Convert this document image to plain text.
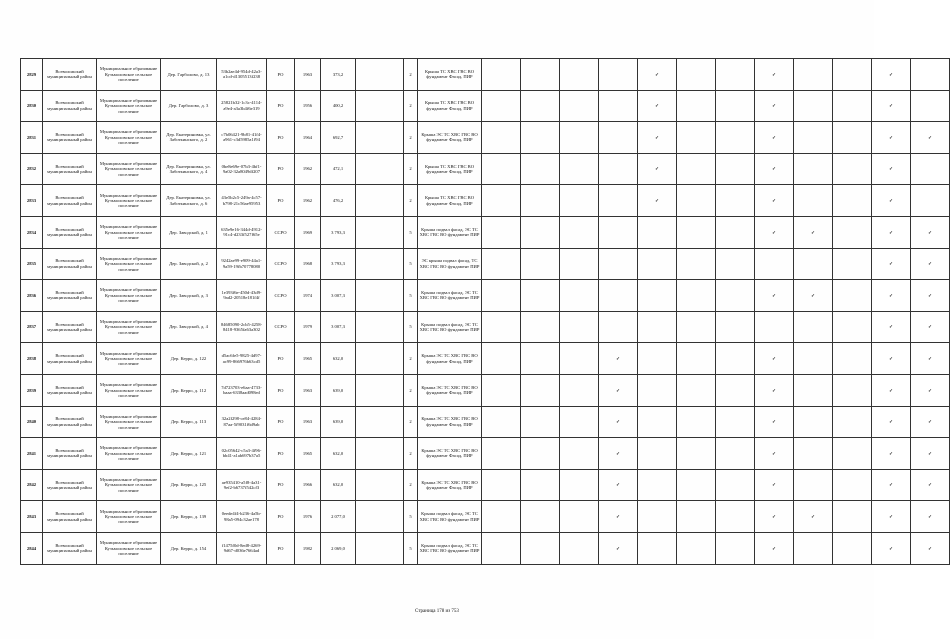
2829	Всеволожский муниципальный район	Муниципальное образование Кузьмоловское сельское поселение	Дер. Гарболово, д. 13	53b2ae4d-954d-42a3-a1cd-d1305513f238	РО	1963	373,2		2	Крыша ТС ХВС ГВС ВО фундамент Фасад, ПИР					✓			✓			✓	
2830	Всеволожский муниципальный район	Муниципальное образование Кузьмоловское сельское поселение	Дер. Гарболово, д. 3	25821b32-1c3c-4114-a9e4-a3a3b4f6e319	РО	1956	400,2		2	Крыша ТС ХВС ГВС ВО фундамент Фасад, ПИР					✓			✓			✓	
2831	Всеволожский муниципальный район	Муниципальное образование Кузьмоловское сельское поселение	Дер. Екатериновка, ул. Заботкинского, д. 2	c7b06421-9b81-41f4-a961-c3d5985a1f94	РО	1964	692,7		2	Крыша ЭС ТС ХВС ГВС ВО фундамент Фасад, ПИР					✓			✓			✓	✓
2832	Всеволожский муниципальный район	Муниципальное образование Кузьмоловское сельское поселение	Дер. Екатериновка, ул. Заботкинского, д. 4	0be8e69e-07b3-4bf1-9a02-32a8049df207	РО	1962	472,1		2	Крыша ТС ХВС ГВС ВО фундамент Фасад, ПИР					✓			✓			✓	
2833	Всеволожский муниципальный район	Муниципальное образование Кузьмоловское сельское поселение	Дер. Екатериновка, ул. Заботкинского, д. 6	43e5b2c5-249a-4c57-b798-21c56ae95953	РО	1962	476,2		2	Крыша ТС ХВС ГВС ВО фундамент Фасад, ПИР					✓			✓			✓	
2834	Всеволожский муниципальный район	Муниципальное образование Кузьмоловское сельское поселение	Дер. Заводской, д. 1	635e9e16-344d-4912-91c4-d233f527f65e	ССРО	1969	3 793,3		5	Крыша подвал фасад, ЭС ТС ХВС ГВС ВО фундамент ПИР								✓	✓		✓	✓
2835	Всеволожский муниципальный район	Муниципальное образование Кузьмоловское сельское поселение	Дер. Заводской, д. 2	9242ae99-e909-44a1-9a59-19fb70778080	ССРО	1968	3 793,3		5	ЭС крыша подвал фасад, ТС ХВС ГВС ВО фундамент ПИР											✓	✓
2836	Всеволожский муниципальный район	Муниципальное образование Кузьмоловское сельское поселение	Дер. Заводской, д. 3	1e393f6e-450d-43d9-9ad2-20518e181f4f	ССРО	1974	3 007,3		5	Крыша подвал фасад, ЭС ТС ХВС ГВС ВО фундамент ПИР								✓	✓		✓	✓
2837	Всеволожский муниципальный район	Муниципальное образование Кузьмоловское сельское поселение	Дер. Заводской, д. 4	84685090-2cb5-4258-8418-9365fa63a302	ССРО	1979	3 007,3		5	Крыша подвал фасад, ЭС ТС ХВС ГВС ВО фундамент ПИР											✓	✓
2838	Всеволожский муниципальный район	Муниципальное образование Кузьмоловское сельское поселение	Дер. Керро, д. 122	d5ac6fe5-9825-4d97-ac99-866976b63cd5	РО	1965	632,0		2	Крыша ЭС ТС ХВС ГВС ВО фундамент Фасад, ПИР				✓				✓			✓	✓
2839	Всеволожский муниципальный район	Муниципальное образование Кузьмоловское сельское поселение	Дер. Керро, д. 112	7d723703-e6aa-4733-baaa-6338aad098ed	РО	1963	639,0		2	Крыша ЭС ТС ХВС ГВС ВО фундамент Фасад, ПИР				✓				✓			✓	✓
2840	Всеволожский муниципальный район	Муниципальное образование Кузьмоловское сельское поселение	Дер. Керро, д. 113	32a2f298-ce84-4284-87aa-5f9031f6d9ab	РО	1963	639,0		2	Крыша ЭС ТС ХВС ГВС ВО фундамент Фасад, ПИР				✓				✓			✓	✓
2841	Всеволожский муниципальный район	Муниципальное образование Кузьмоловское сельское поселение	Дер. Керро, д. 121	02c05642-c5a3-4f96-bb41-a1ab697b37a5	РО	1965	632,0		2	Крыша ЭС ТС ХВС ГВС ВО фундамент Фасад, ПИР				✓				✓			✓	✓
2842	Всеволожский муниципальный район	Муниципальное образование Кузьмоловское сельское поселение	Дер. Керро, д. 125	ae935410-a5f8-4a31-9ef2-b6737f542cf3	РО	1966	632,0		2	Крыша ЭС ТС ХВС ГВС ВО фундамент Фасад, ПИР				✓				✓			✓	✓
2843	Всеволожский муниципальный район	Муниципальное образование Кузьмоловское сельское поселение	Дер. Керро, д. 139	0eede4f4-b236-4a5b-98a5-094c32ae178	РО	1976	2 077,0		5	Крыша подвал фасад, ЭС ТС ХВС ГВС ВО фундамент ПИР				✓				✓	✓		✓	✓
2844	Всеволожский муниципальный район	Муниципальное образование Кузьмоловское сельское поселение	Дер. Керро, д. 154	f1475f0d-8ed8-4269-9d67-d036e7664ad	РО	1982	2 069,0		5	Крыша подвал фасад, ЭС ТС ХВС ГВС ВО фундамент ПИР				✓				✓			✓	✓
Страница 178 из 753
